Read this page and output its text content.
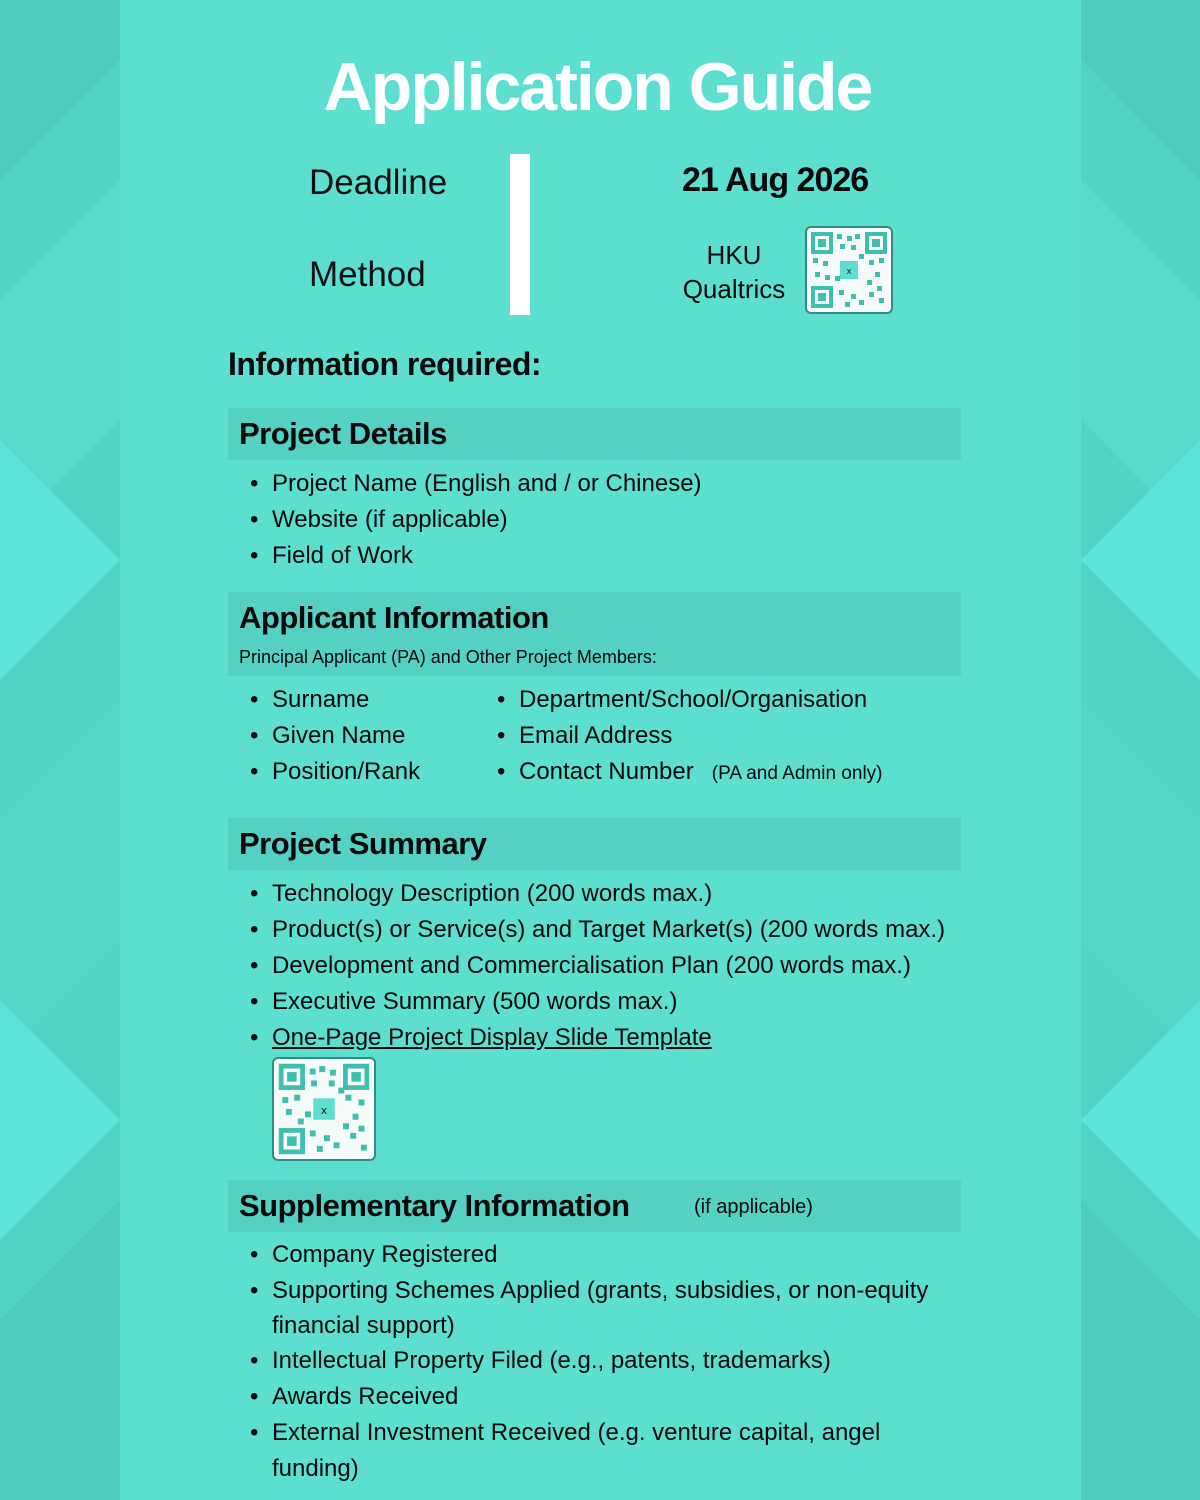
Application Guide
Deadline
Method
21 Aug 2026
HKU
Qualtrics
x
Information required:
Project Details
• Project Name (English and / or Chinese)
• Website (if applicable)
• Field of Work
Applicant Information
Principal Applicant (PA) and Other Project Members:
• Surname
• Given Name
• Position/Rank
• Department/School/Organisation
• Email Address
• Contact Number (PA and Admin only)
Project Summary
• Technology Description (200 words max.)
• Product(s) or Service(s) and Target Market(s) (200 words max.)
• Development and Commercialisation Plan (200 words max.)
• Executive Summary (500 words max.)
• One-Page Project Display Slide Template
x
Supplementary Information	(if applicable)
• Company Registered
• Supporting Schemes Applied (grants, subsidies, or non-equity financial support)
• Intellectual Property Filed (e.g., patents, trademarks)
• Awards Received
• External Investment Received (e.g. venture capital, angel funding)
